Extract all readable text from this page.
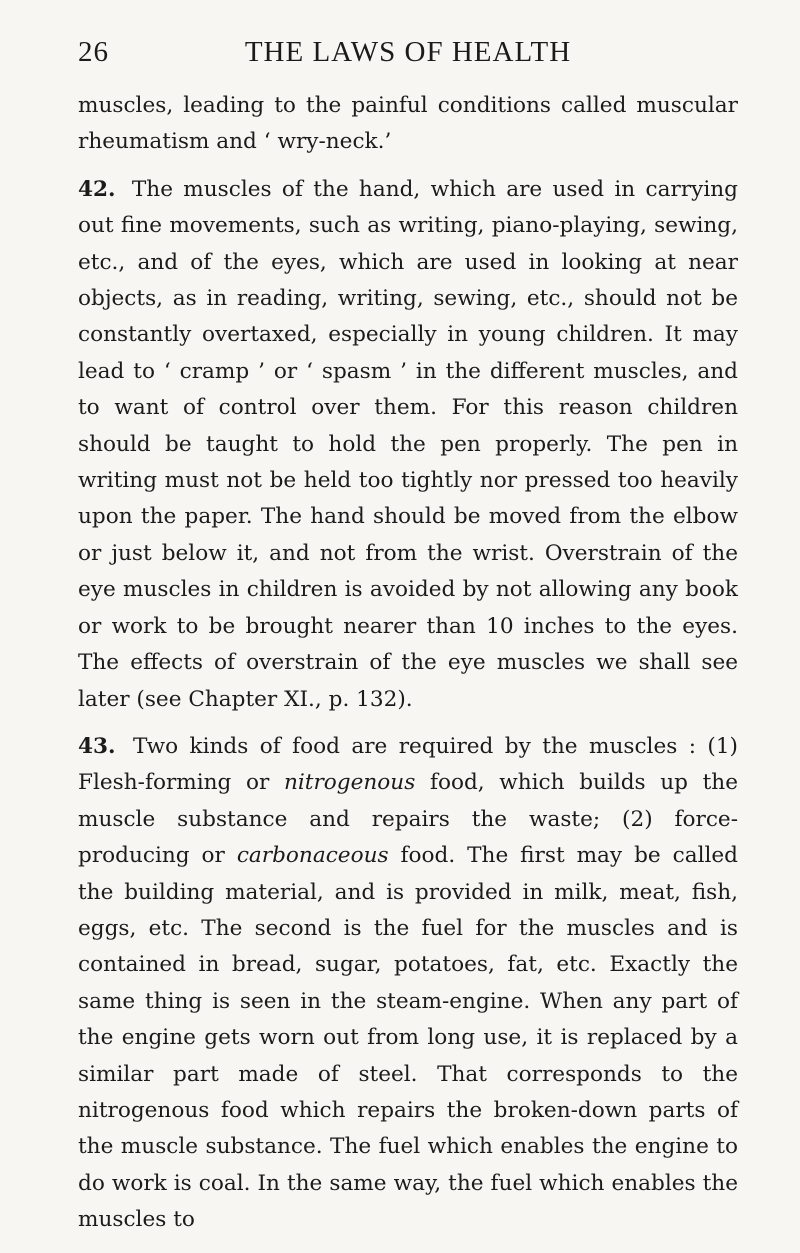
26	THE LAWS OF HEALTH

muscles, leading to the painful conditions called muscular rheumatism and ‘ wry-neck.’

42. The muscles of the hand, which are used in carrying out fine movements, such as writing, piano-playing, sewing, etc., and of the eyes, which are used in looking at near objects, as in reading, writing, sewing, etc., should not be constantly overtaxed, especially in young children. It may lead to ‘ cramp ’ or ‘ spasm ’ in the different muscles, and to want of control over them. For this reason children should be taught to hold the pen properly. The pen in writing must not be held too tightly nor pressed too heavily upon the paper. The hand should be moved from the elbow or just below it, and not from the wrist. Overstrain of the eye muscles in children is avoided by not allowing any book or work to be brought nearer than 10 inches to the eyes. The effects of overstrain of the eye muscles we shall see later (see Chapter XI., p. 132).

43. Two kinds of food are required by the muscles : (1) Flesh-forming or nitrogenous food, which builds up the muscle substance and repairs the waste; (2) force-producing or carbonaceous food. The first may be called the building material, and is provided in milk, meat, fish, eggs, etc. The second is the fuel for the muscles and is contained in bread, sugar, potatoes, fat, etc. Exactly the same thing is seen in the steam-engine. When any part of the engine gets worn out from long use, it is replaced by a similar part made of steel. That corresponds to the nitrogenous food which repairs the broken-down parts of the muscle substance. The fuel which enables the engine to do work is coal. In the same way, the fuel which enables the muscles to
